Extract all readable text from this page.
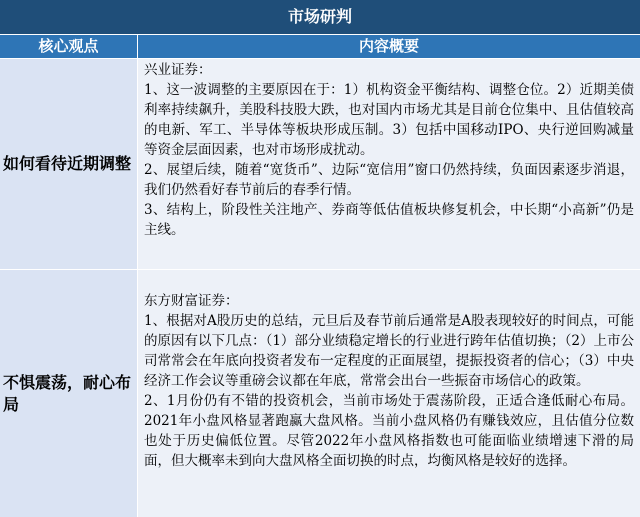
市场研判
核心观点	内容概要
如何看待近期调整

兴业证券：

1、这一波调整的主要原因在于：1）机构资金平衡结构、调整仓位。2）近期美债利率持续飙升，美股科技股大跌，也对国内市场尤其是目前仓位集中、且估值较高的电新、军工、半导体等板块形成压制。3）包括中国移动IPO、央行逆回购减量等资金层面因素，也对市场形成扰动。

2、展望后续，随着“宽货币”、边际“宽信用”窗口仍然持续，负面因素逐步消退，我们仍然看好春节前后的春季行情。

3、结构上，阶段性关注地产、券商等低估值板块修复机会，中长期“小高新”仍是主线。

不惧震荡，耐心布局

东方财富证券：

1、根据对A股历史的总结，元旦后及春节前后通常是A股表现较好的时间点，可能的原因有以下几点：（1）部分业绩稳定增长的行业进行跨年估值切换；（2）上市公司常常会在年底向投资者发布一定程度的正面展望，提振投资者的信心；（3）中央经济工作会议等重磅会议都在年底，常常会出台一些振奋市场信心的政策。

2、1月份仍有不错的投资机会，当前市场处于震荡阶段，正适合逢低耐心布局。2021年小盘风格显著跑赢大盘风格。当前小盘风格仍有赚钱效应，且估值分位数也处于历史偏低位置。尽管2022年小盘风格指数也可能面临业绩增速下滑的局面，但大概率未到向大盘风格全面切换的时点，均衡风格是较好的选择。
